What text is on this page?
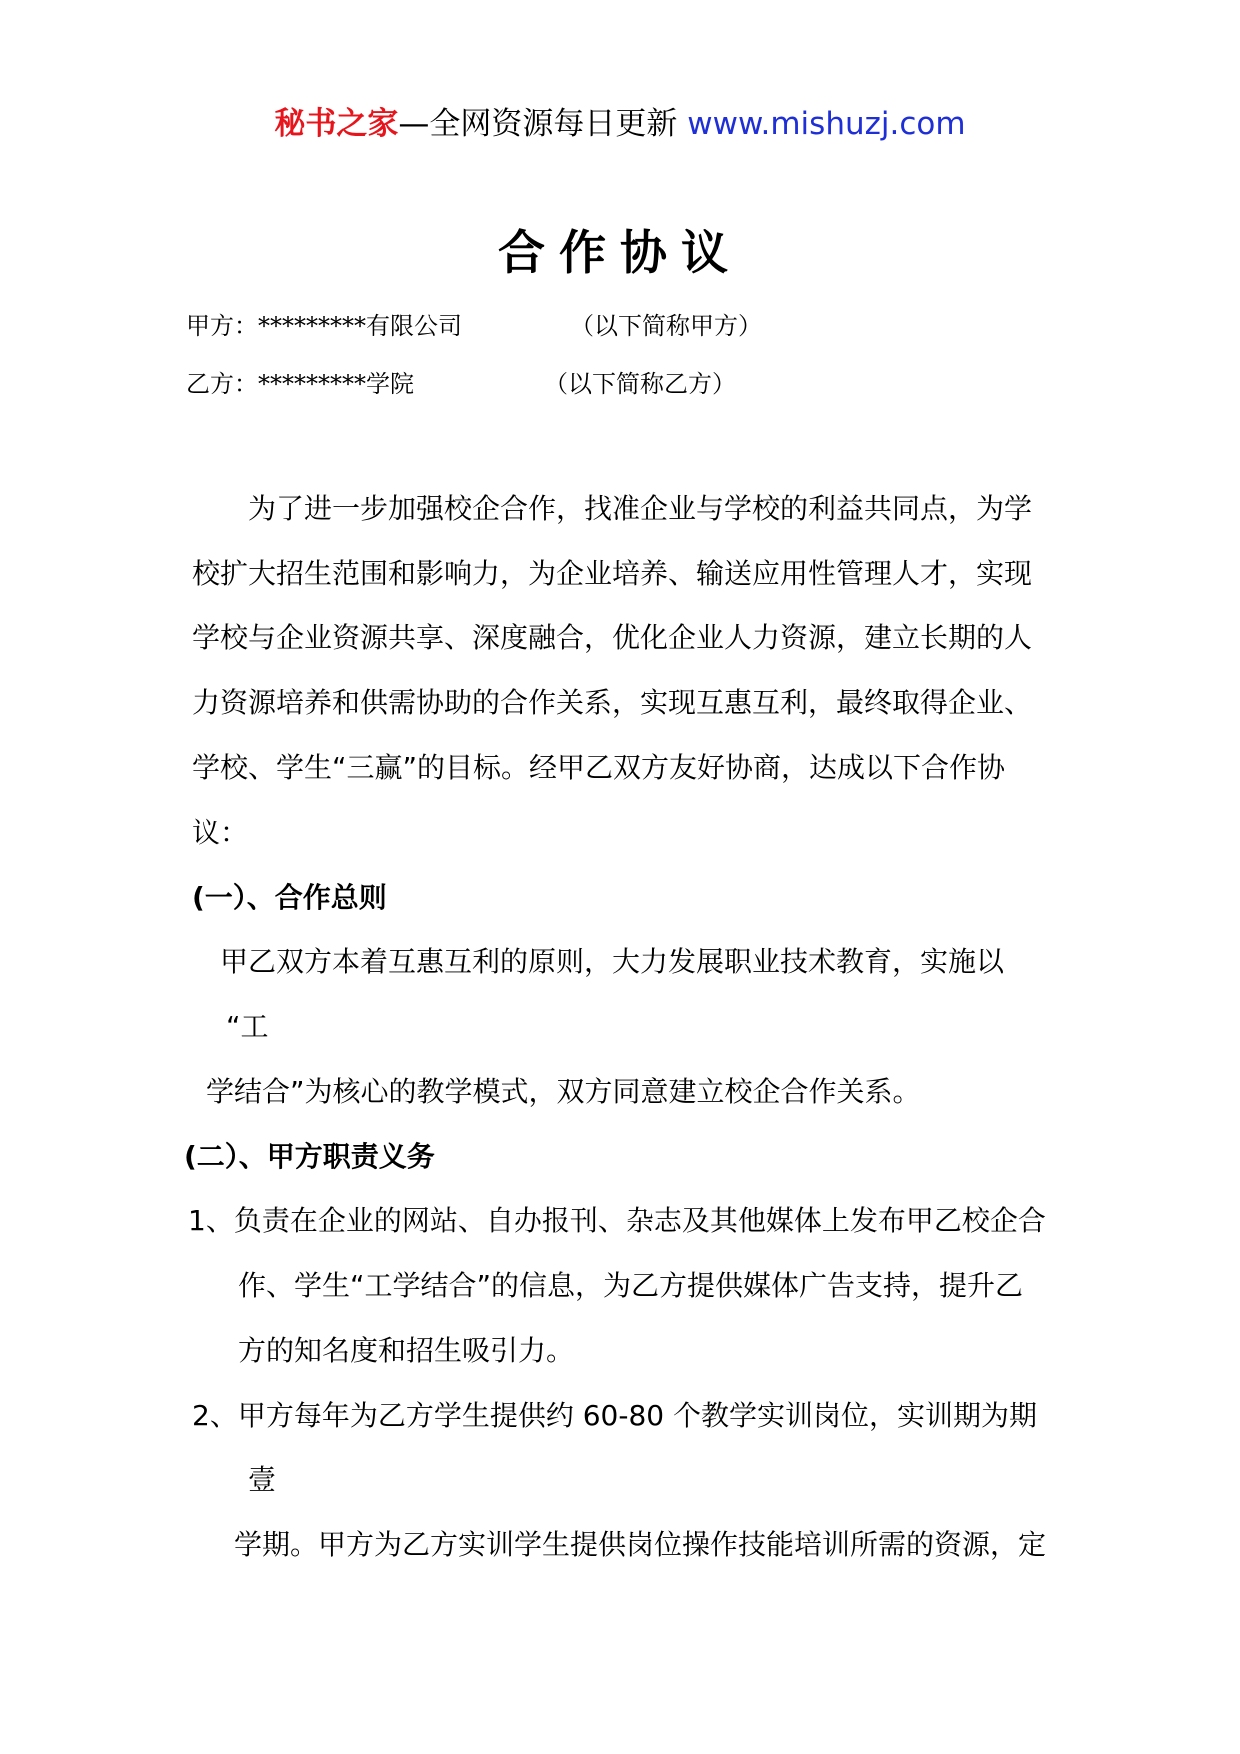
秘书之家—全网资源每日更新 www.mishuzj.com
合作协议
甲方：*********有限公司	（以下简称甲方）
乙方：*********学院	（以下简称乙方）
为了进一步加强校企合作，找准企业与学校的利益共同点，为学
校扩大招生范围和影响力，为企业培养、输送应用性管理人才，实现
学校与企业资源共享、深度融合，优化企业人力资源，建立长期的人
力资源培养和供需协助的合作关系，实现互惠互利，最终取得企业、
学校、学生“三赢”的目标。经甲乙双方友好协商，达成以下合作协
议：
(一）、合作总则
甲乙双方本着互惠互利的原则，大力发展职业技术教育，实施以
“工
学结合”为核心的教学模式，双方同意建立校企合作关系。
(二）、甲方职责义务
1、负责在企业的网站、自办报刊、杂志及其他媒体上发布甲乙校企合
作、学生“工学结合”的信息，为乙方提供媒体广告支持，提升乙
方的知名度和招生吸引力。
2、甲方每年为乙方学生提供约 60-80 个教学实训岗位，实训期为期
壹
学期。甲方为乙方实训学生提供岗位操作技能培训所需的资源，定
